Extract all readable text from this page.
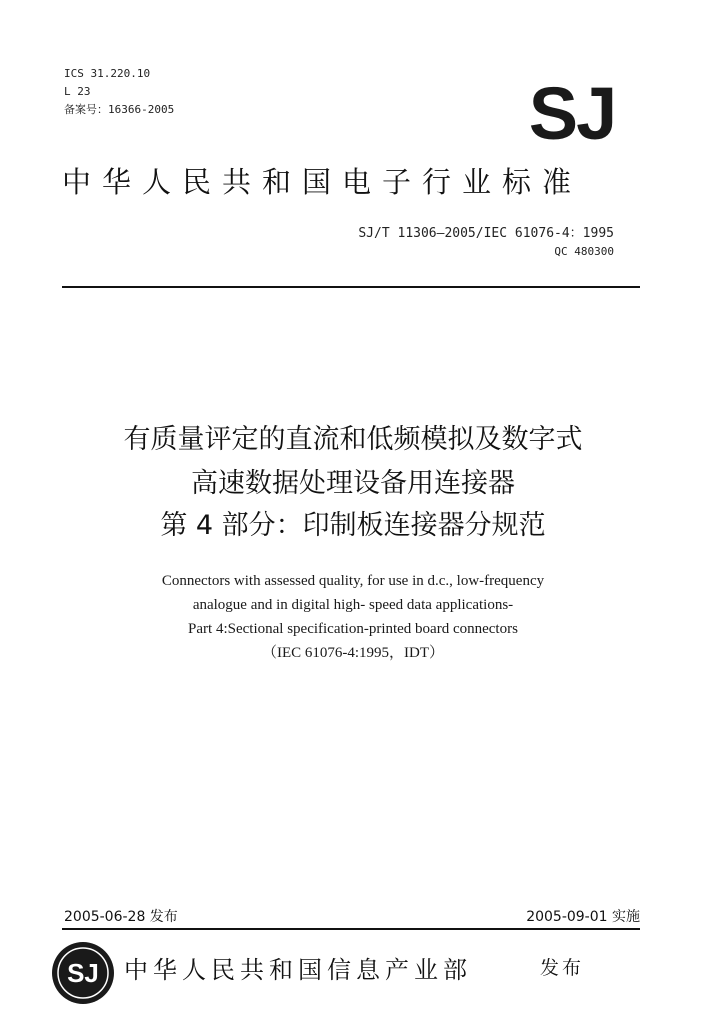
ICS 31.220.10
L 23
备案号：16366-2005	SJ
中华人民共和国电子行业标准
SJ/T 11306—2005/IEC 61076-4：1995
QC 480300
有质量评定的直流和低频模拟及数字式
高速数据处理设备用连接器
第 4 部分：印制板连接器分规范
Connectors with assessed quality, for use in d.c., low-frequency
analogue and in digital high- speed data applications-
Part 4:Sectional specification-printed board connectors
（IEC 61076-4:1995，IDT）
2005-06-28 发布	2005-09-01 实施
SJ 中华人民共和国信息产业部	发布
